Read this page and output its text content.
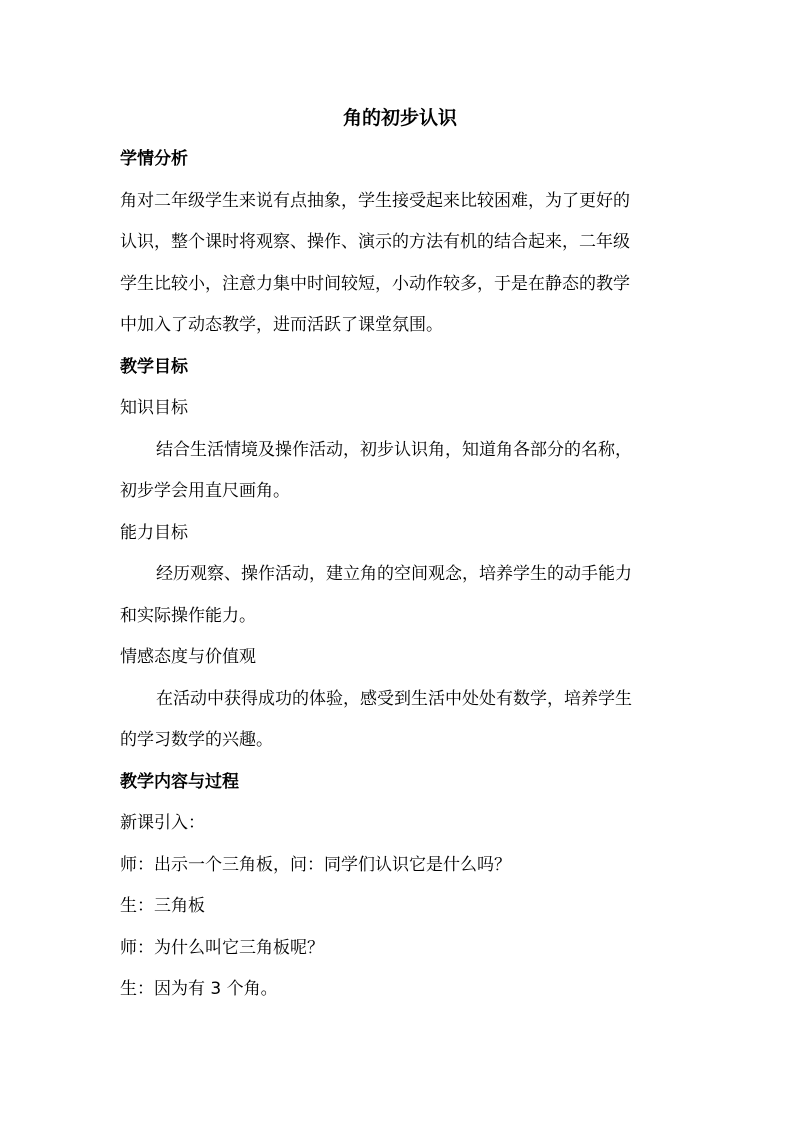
角的初步认识

学情分析

角对二年级学生来说有点抽象，学生接受起来比较困难，为了更好的

认识，整个课时将观察、操作、演示的方法有机的结合起来，二年级

学生比较小，注意力集中时间较短，小动作较多，于是在静态的教学

中加入了动态教学，进而活跃了课堂氛围。

教学目标

知识目标

结合生活情境及操作活动，初步认识角，知道角各部分的名称，

初步学会用直尺画角。

能力目标

经历观察、操作活动，建立角的空间观念，培养学生的动手能力

和实际操作能力。

情感态度与价值观

在活动中获得成功的体验，感受到生活中处处有数学，培养学生

的学习数学的兴趣。

教学内容与过程

新课引入：

师：出示一个三角板，问：同学们认识它是什么吗？

生：三角板

师：为什么叫它三角板呢？

生：因为有 3 个角。
